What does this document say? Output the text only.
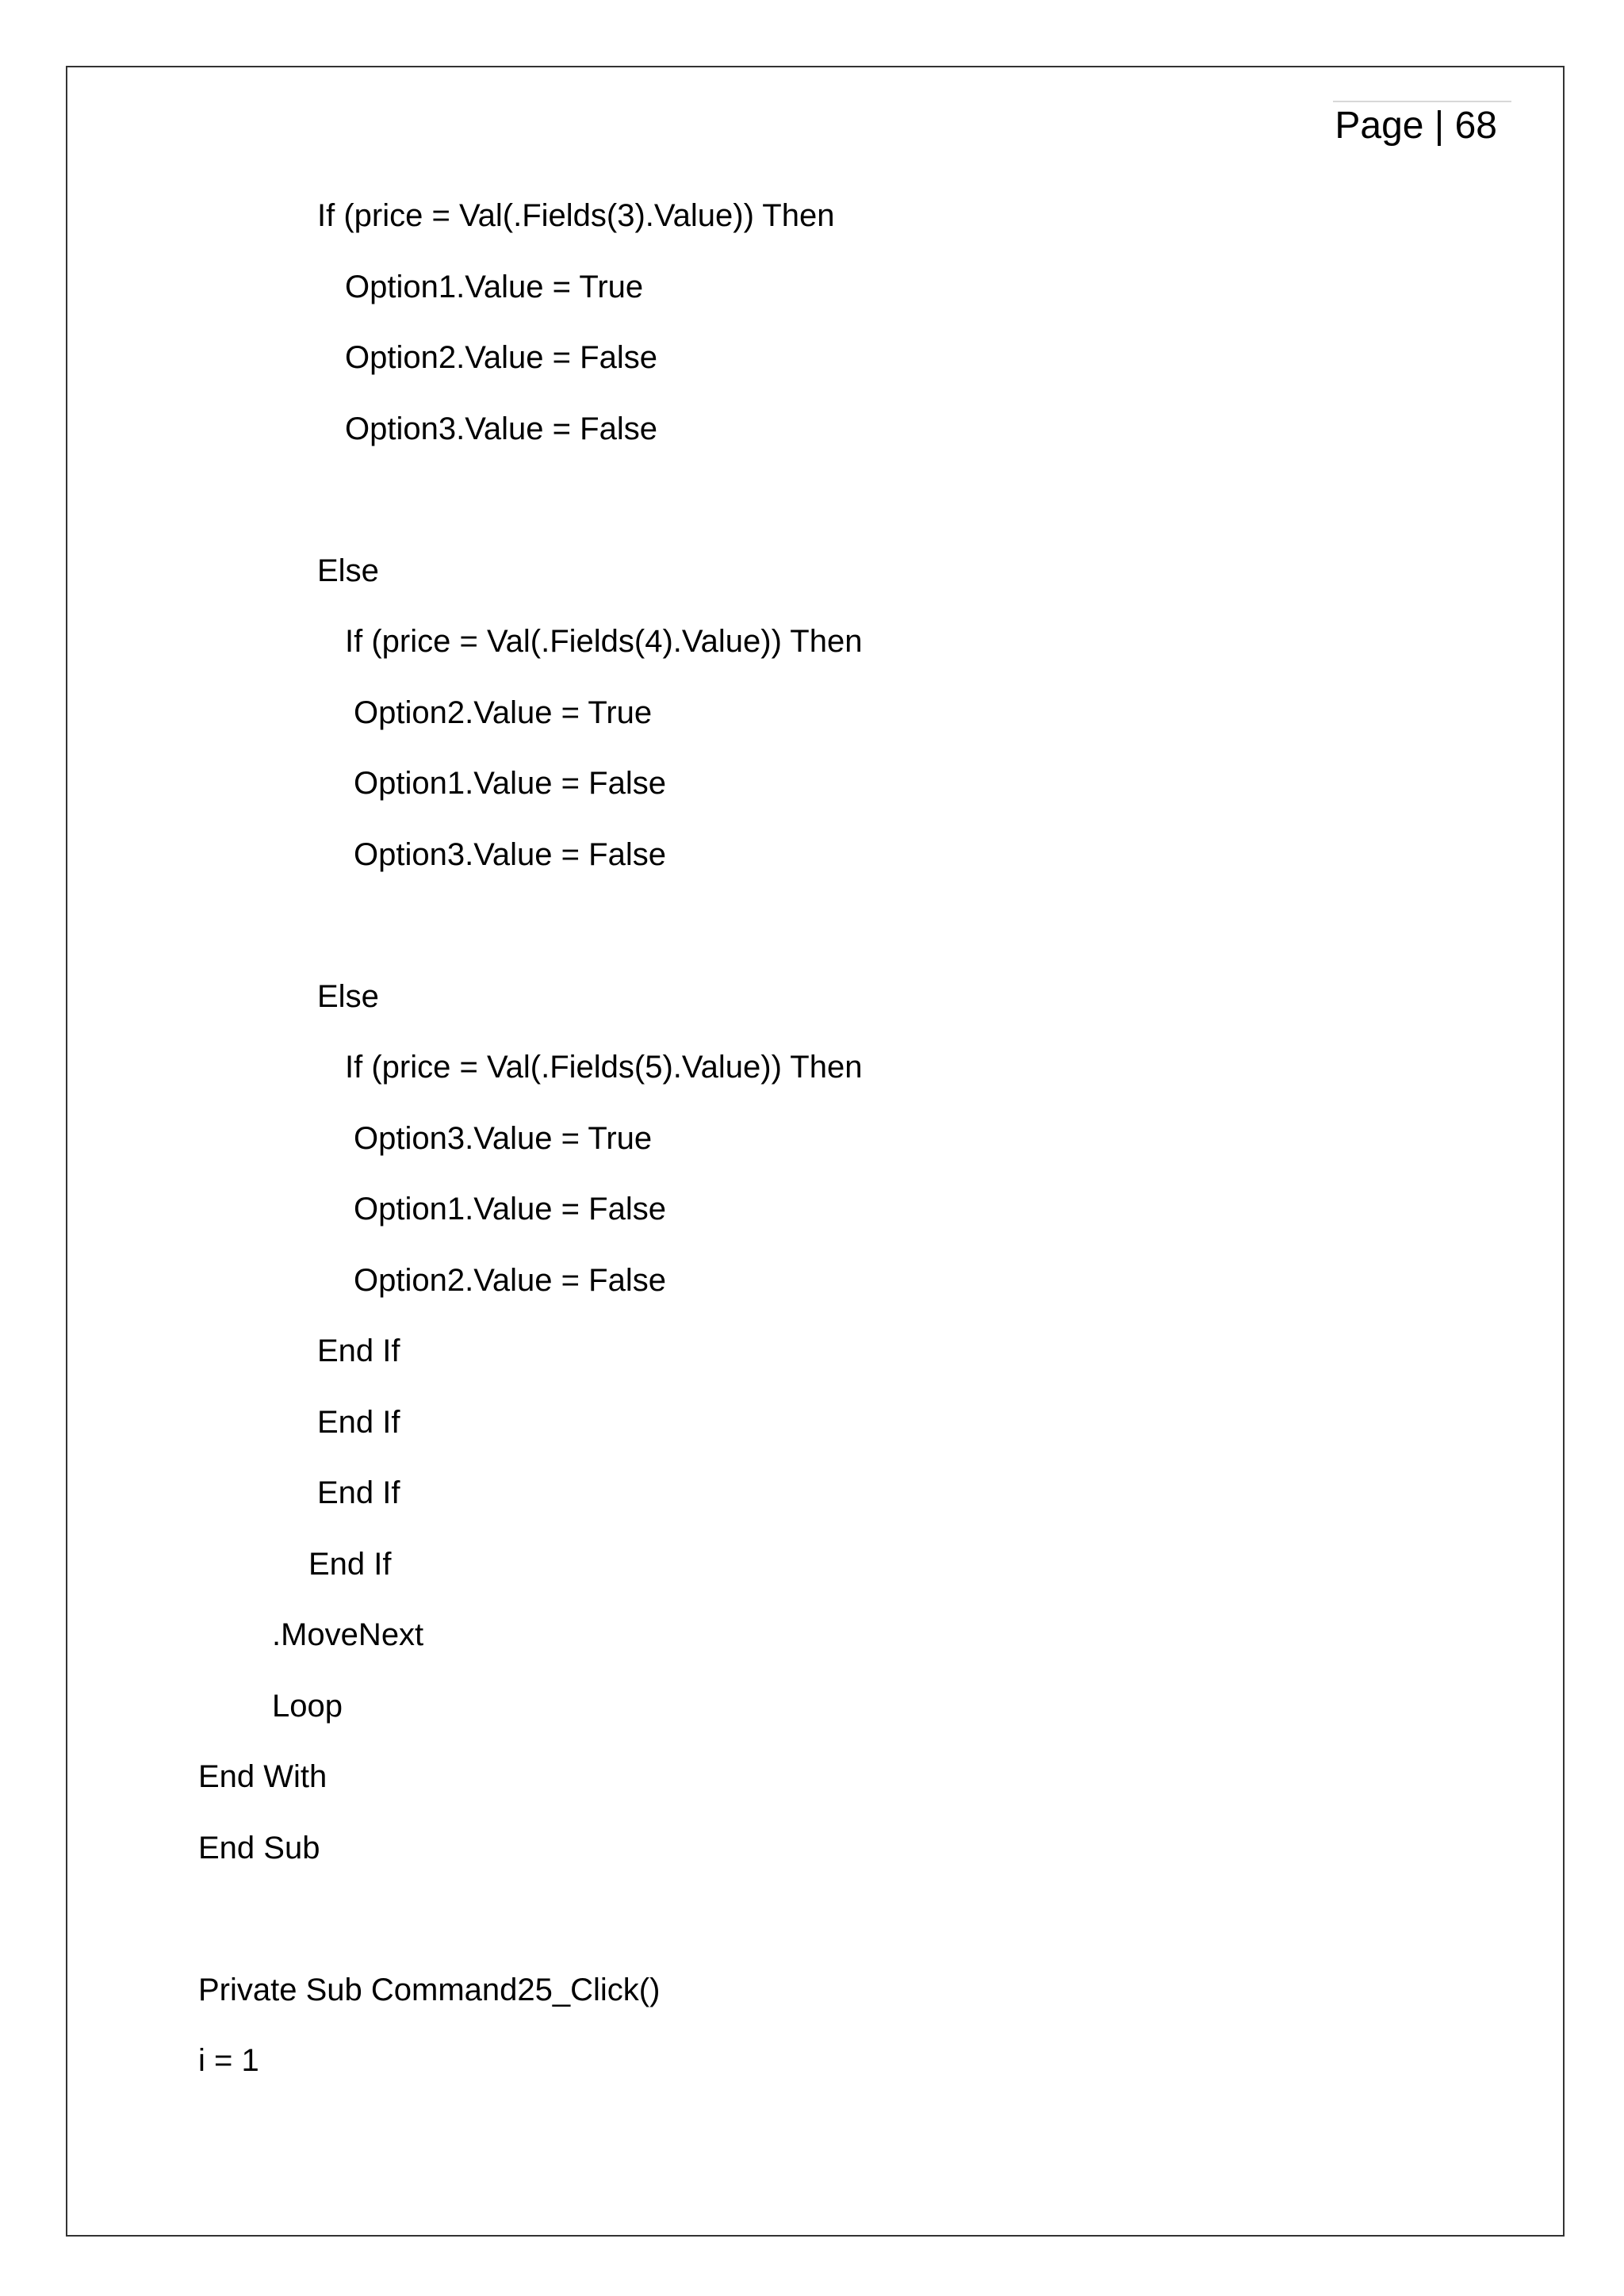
Page | 68
If (price = Val(.Fields(3).Value)) Then
Option1.Value = True
Option2.Value = False
Option3.Value = False
Else
If (price = Val(.Fields(4).Value)) Then
Option2.Value = True
Option1.Value = False
Option3.Value = False
Else
If (price = Val(.Fields(5).Value)) Then
Option3.Value = True
Option1.Value = False
Option2.Value = False
End If
End If
End If
End If
.MoveNext
Loop
End With
End Sub
Private Sub Command25_Click()
i = 1
